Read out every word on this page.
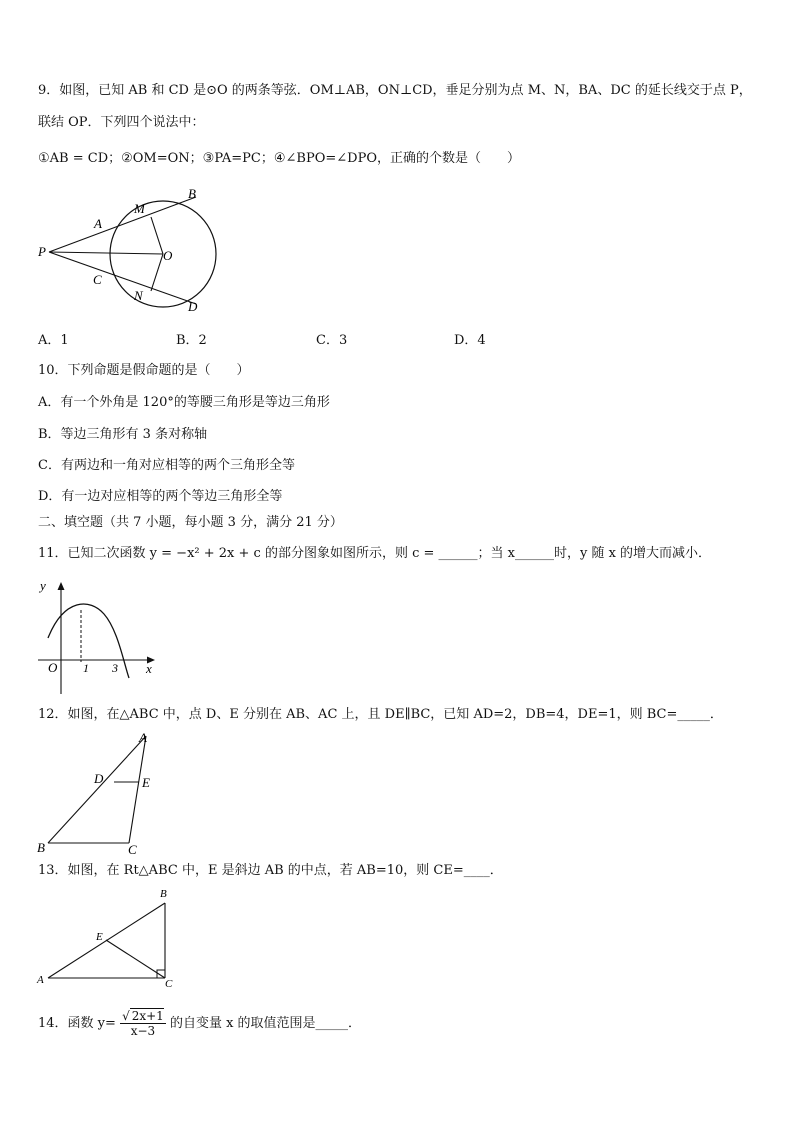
9．如图，已知 AB 和 CD 是⊙O 的两条等弦．OM⊥AB，ON⊥CD，垂足分别为点 M、N，BA、DC 的延长线交于点 P，
联结 OP．下列四个说法中：
①AB = CD；②OM=ON；③PA=PC；④∠BPO=∠DPO，正确的个数是（　　）
P
A
M
B
O
C
N
D
A．1	B．2	C．3	D．4
10．下列命题是假命题的是（　　）
A．有一个外角是 120°的等腰三角形是等边三角形
B．等边三角形有 3 条对称轴
C．有两边和一角对应相等的两个三角形全等
D．有一边对应相等的两个等边三角形全等
二、填空题（共 7 小题，每小题 3 分，满分 21 分）
11．已知二次函数 y = −x² + 2x + c 的部分图象如图所示，则 c = ______；当 x______时，y 随 x 的增大而减小．
y
x
O 1 3
12．如图，在△ABC 中，点 D、E 分别在 AB、AC 上，且 DE∥BC，已知 AD=2，DB=4，DE=1，则 BC=_____．
A
D	E
B	C
13．如图，在 Rt△ABC 中，E 是斜边 AB 的中点，若 AB=10，则 CE=____．
B
E
A	C
14．函数 $y= \frac{√ 2x+1}{x-3}$ 的自变量 x 的取值范围是_____．
